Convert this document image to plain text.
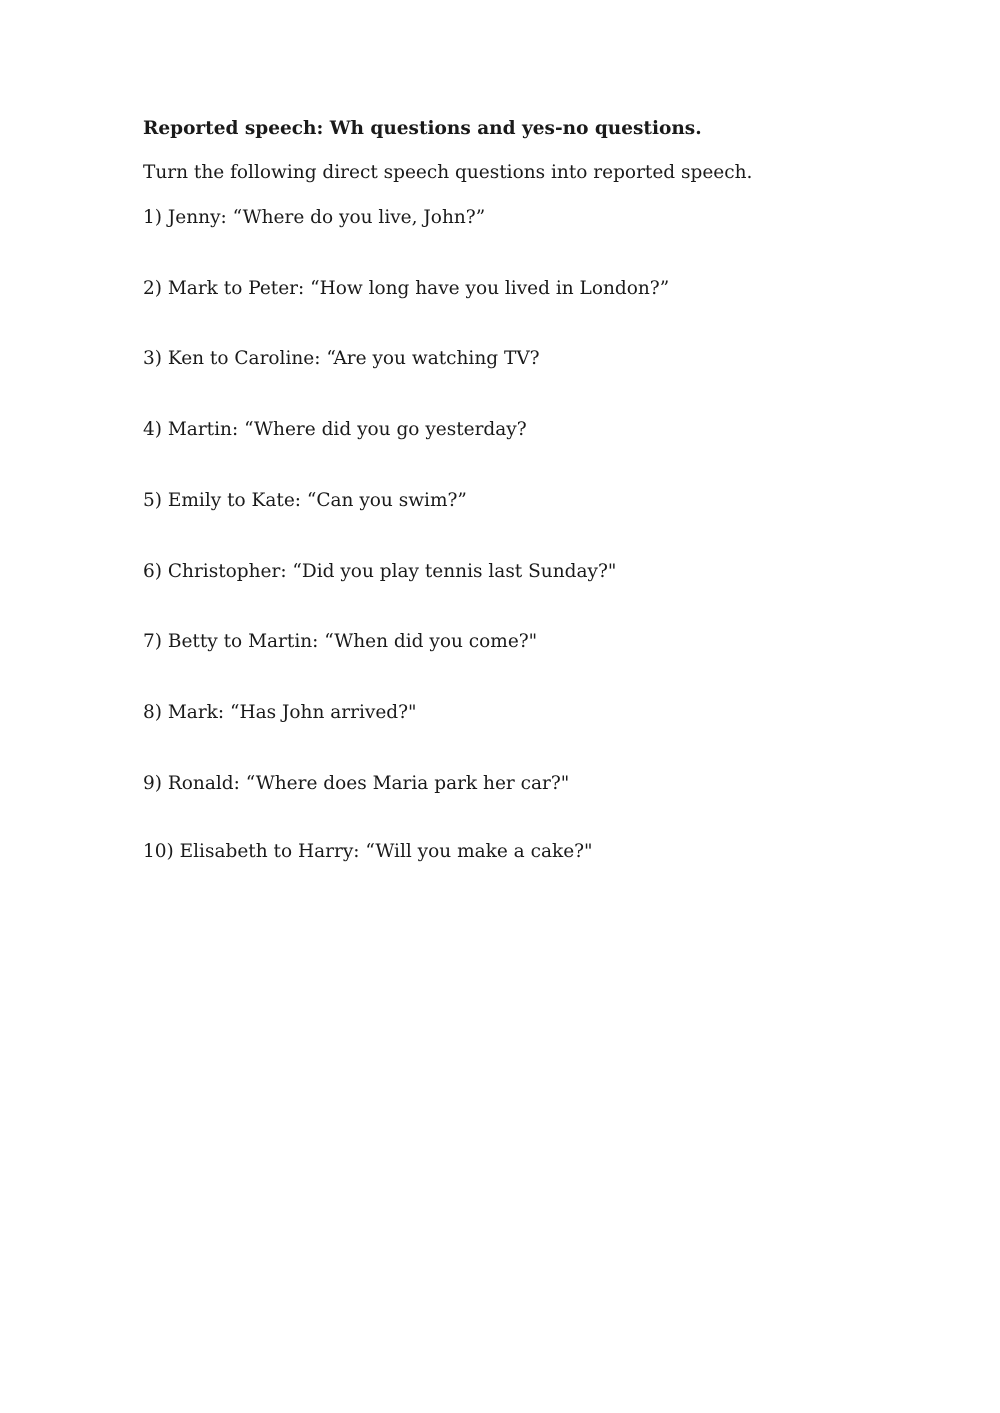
Reported speech: Wh questions and yes-no questions.
Turn the following direct speech questions into reported speech.
1) Jenny: “Where do you live, John?”
2) Mark to Peter: “How long have you lived in London?”
3) Ken to Caroline: “Are you watching TV?
4) Martin: “Where did you go yesterday?
5) Emily to Kate: “Can you swim?”
6) Christopher: “Did you play tennis last Sunday?"
7) Betty to Martin: “When did you come?"
8) Mark: “Has John arrived?"
9) Ronald: “Where does Maria park her car?"
10) Elisabeth to Harry: “Will you make a cake?"
